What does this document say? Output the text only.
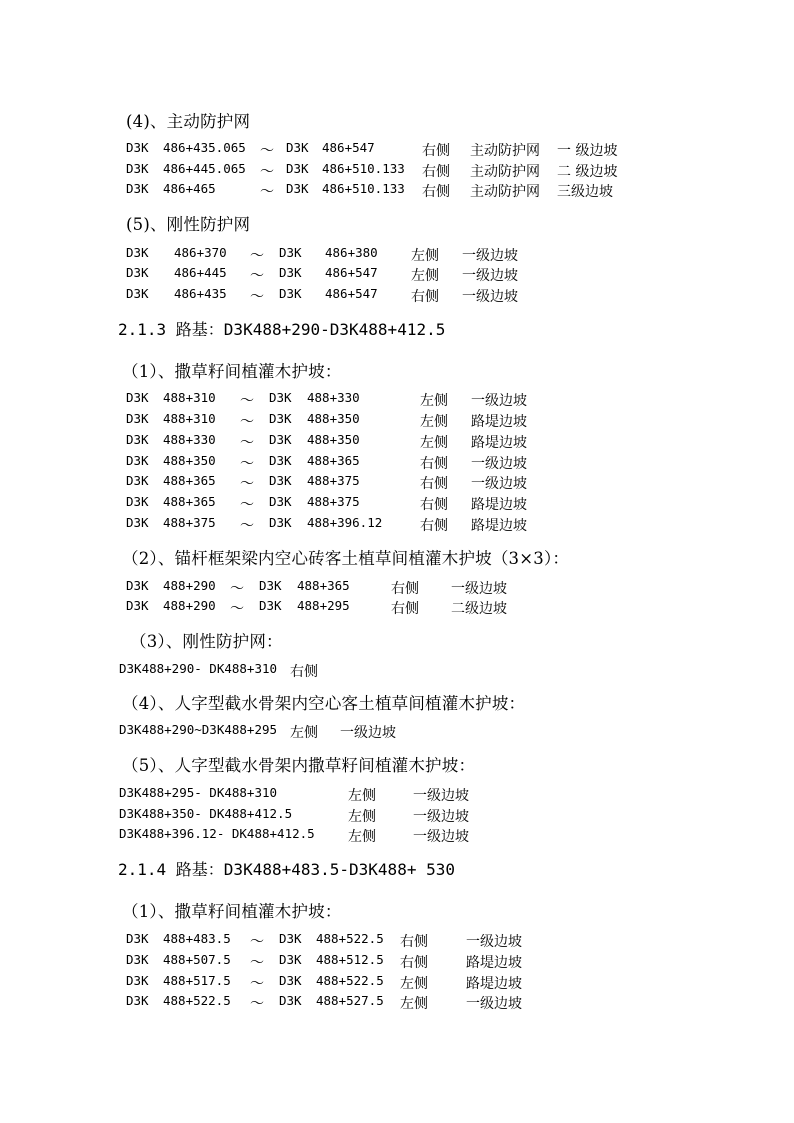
(4)、主动防护网
D3K 486+435.065 ～ D3K 486+547	右侧 主动防护网 一 级边坡
D3K 486+445.065 ～ D3K 486+510.133 右侧 主动防护网 二 级边坡
D3K 486+465	～ D3K 486+510.133 右侧 主动防护网 三级边坡
(5)、刚性防护网
D3K 486+370 ～ D3K 486+380 左侧 一级边坡
D3K 486+445 ～ D3K 486+547 左侧 一级边坡
D3K 486+435 ～ D3K 486+547 右侧 一级边坡
2.1.3 路基：D3K488+290-D3K488+412.5
（1）、撒草籽间植灌木护坡：
D3K 488+310 ～ D3K 488+330	左侧 一级边坡
D3K 488+310 ～ D3K 488+350	左侧 路堤边坡
D3K 488+330 ～ D3K 488+350	左侧 路堤边坡
D3K 488+350 ～ D3K 488+365	右侧 一级边坡
D3K 488+365 ～ D3K 488+375	右侧 一级边坡
D3K 488+365 ～ D3K 488+375	右侧 路堤边坡
D3K 488+375 ～ D3K 488+396.12	右侧 路堤边坡
（2）、锚杆框架梁内空心砖客土植草间植灌木护坡（3×3）：
D3K 488+290 ～ D3K 488+365	右侧 一级边坡
D3K 488+290 ～ D3K 488+295	右侧 二级边坡
（3）、刚性防护网：
D3K488+290- DK488+310 右侧
（4）、人字型截水骨架内空心客土植草间植灌木护坡：
D3K488+290~D3K488+295 左侧 一级边坡
（5）、人字型截水骨架内撒草籽间植灌木护坡：
D3K488+295- DK488+310	左侧	一级边坡
D3K488+350- DK488+412.5	左侧	一级边坡
D3K488+396.12- DK488+412.5 左侧	一级边坡
2.1.4 路基：D3K488+483.5-D3K488+ 530
（1）、撒草籽间植灌木护坡：
D3K 488+483.5 ～ D3K 488+522.5 右侧	一级边坡
D3K 488+507.5 ～ D3K 488+512.5 右侧	路堤边坡
D3K 488+517.5 ～ D3K 488+522.5 左侧	路堤边坡
D3K 488+522.5 ～ D3K 488+527.5 左侧	一级边坡
